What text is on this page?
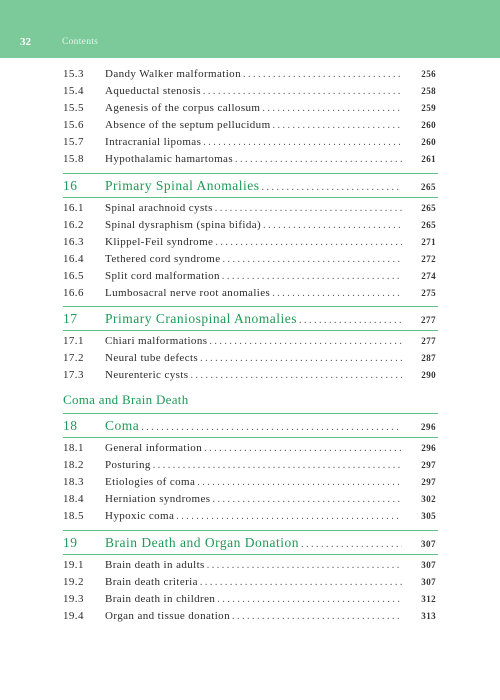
32	Contents
15.3	Dandy Walker malformation . . .	256
15.4	Aqueductal stenosis . . .	258
15.5	Agenesis of the corpus callosum . . .	259
15.6	Absence of the septum pellucidum . . .	260
15.7	Intracranial lipomas . . .	260
15.8	Hypothalamic hamartomas . . .	261
16	Primary Spinal Anomalies . . .	265
16.1	Spinal arachnoid cysts . . .	265
16.2	Spinal dysraphism (spina bifida) . . .	265
16.3	Klippel-Feil syndrome . . .	271
16.4	Tethered cord syndrome . . .	272
16.5	Split cord malformation . . .	274
16.6	Lumbosacral nerve root anomalies . . .	275
17	Primary Craniospinal Anomalies . . .	277
17.1	Chiari malformations . . .	277
17.2	Neural tube defects . . .	287
17.3	Neurenteric cysts . . .	290
Coma and Brain Death
18	Coma . . .	296
18.1	General information . . .	296
18.2	Posturing . . .	297
18.3	Etiologies of coma . . .	297
18.4	Herniation syndromes . . .	302
18.5	Hypoxic coma . . .	305
19	Brain Death and Organ Donation . . .	307
19.1	Brain death in adults . . .	307
19.2	Brain death criteria . . .	307
19.3	Brain death in children . . .	312
19.4	Organ and tissue donation . . .	313
